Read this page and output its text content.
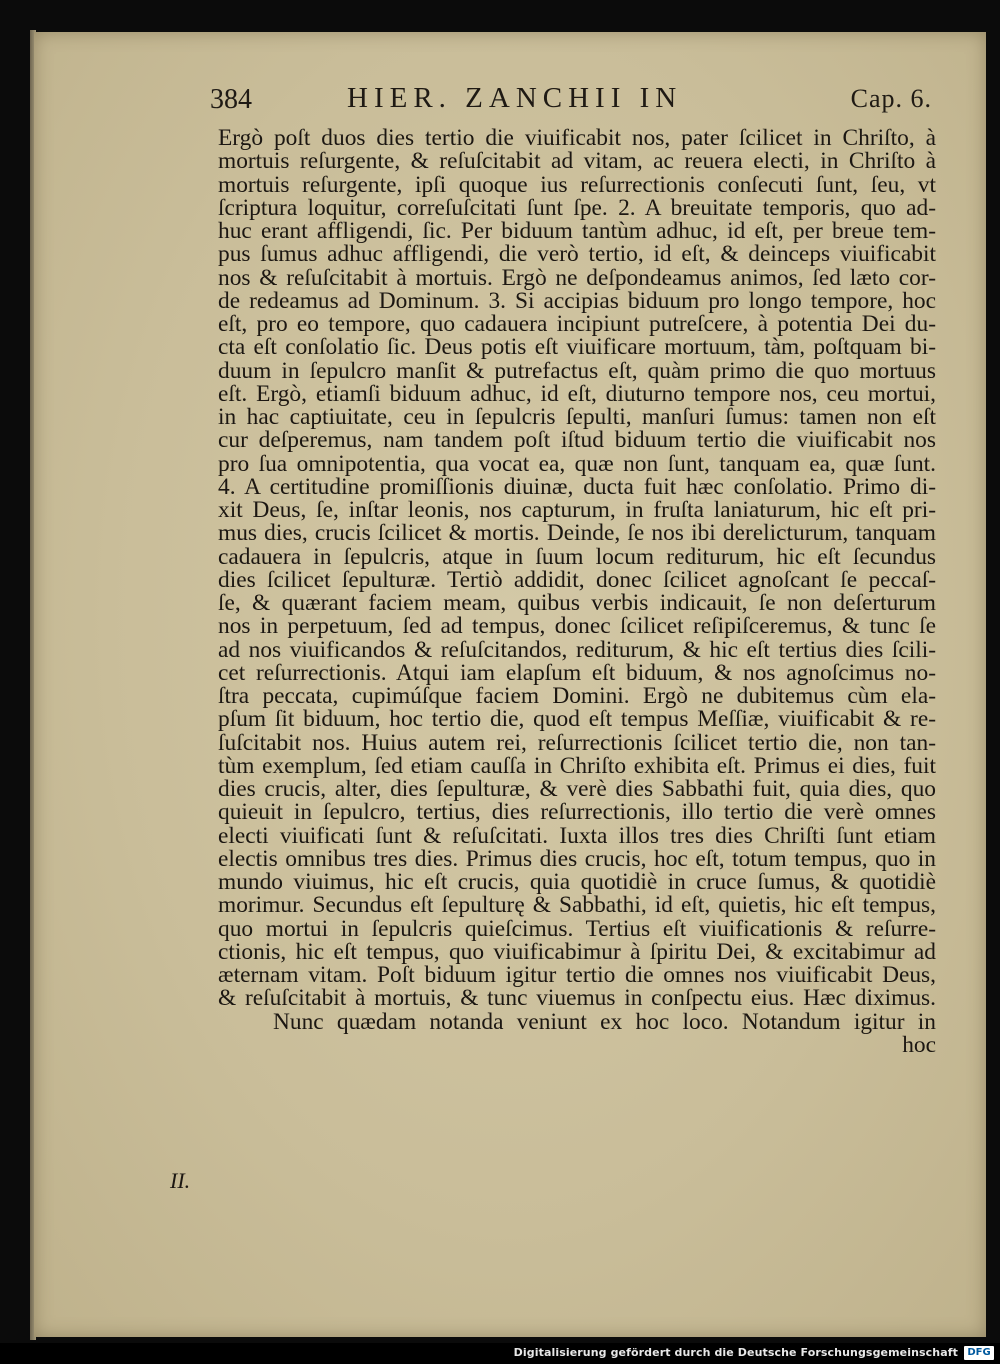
384	HIER. ZANCHII IN	Cap. 6.
Ergò poſt duos dies tertio die viuificabit nos, pater ſcilicet in Chriſto, à
mortuis reſurgente, & reſuſcitabit ad vitam, ac reuera electi, in Chriſto à
mortuis reſurgente, ipſi quoque ius reſurrectionis conſecuti ſunt, ſeu, vt
ſcriptura loquitur, correſuſcitati ſunt ſpe. 2. A breuitate temporis, quo ad-
huc erant affligendi, ſic. Per biduum tantùm adhuc, id eſt, per breue tem-
pus ſumus adhuc affligendi, die verò tertio, id eſt, & deinceps viuificabit
nos & reſuſcitabit à mortuis. Ergò ne deſpondeamus animos, ſed læto cor-
de redeamus ad Dominum. 3. Si accipias biduum pro longo tempore, hoc
eſt, pro eo tempore, quo cadauera incipiunt putreſcere, à potentia Dei du-
cta eſt conſolatio ſic. Deus potis eſt viuificare mortuum, tàm, poſtquam bi-
duum in ſepulcro manſit & putrefactus eſt, quàm primo die quo mortuus
eſt. Ergò, etiamſi biduum adhuc, id eſt, diuturno tempore nos, ceu mortui,
in hac captiuitate, ceu in ſepulcris ſepulti, manſuri ſumus: tamen non eſt
cur deſperemus, nam tandem poſt iſtud biduum tertio die viuificabit nos
pro ſua omnipotentia, qua vocat ea, quæ non ſunt, tanquam ea, quæ ſunt.
4. A certitudine promiſſionis diuinæ, ducta fuit hæc conſolatio. Primo di-
xit Deus, ſe, inſtar leonis, nos capturum, in fruſta laniaturum, hic eſt pri-
mus dies, crucis ſcilicet & mortis. Deinde, ſe nos ibi derelicturum, tanquam
cadauera in ſepulcris, atque in ſuum locum rediturum, hic eſt ſecundus
dies ſcilicet ſepulturæ. Tertiò addidit, donec ſcilicet agnoſcant ſe peccaſ-
ſe, & quærant faciem meam, quibus verbis indicauit, ſe non deſerturum
nos in perpetuum, ſed ad tempus, donec ſcilicet reſipiſceremus, & tunc ſe
ad nos viuificandos & reſuſcitandos, rediturum, & hic eſt tertius dies ſcili-
cet reſurrectionis. Atqui iam elapſum eſt biduum, & nos agnoſcimus no-
ſtra peccata, cupimúſque faciem Domini. Ergò ne dubitemus cùm ela-
pſum ſit biduum, hoc tertio die, quod eſt tempus Meſſiæ, viuificabit & re-
ſuſcitabit nos. Huius autem rei, reſurrectionis ſcilicet tertio die, non tan-
tùm exemplum, ſed etiam cauſſa in Chriſto exhibita eſt. Primus ei dies, fuit
dies crucis, alter, dies ſepulturæ, & verè dies Sabbathi fuit, quia dies, quo
quieuit in ſepulcro, tertius, dies reſurrectionis, illo tertio die verè omnes
electi viuificati ſunt & reſuſcitati. Iuxta illos tres dies Chriſti ſunt etiam
electis omnibus tres dies. Primus dies crucis, hoc eſt, totum tempus, quo in
mundo viuimus, hic eſt crucis, quia quotidiè in cruce ſumus, & quotidiè
morimur. Secundus eſt ſepulturę & Sabbathi, id eſt, quietis, hic eſt tempus,
quo mortui in ſepulcris quieſcimus. Tertius eſt viuificationis & reſurre-
ctionis, hic eſt tempus, quo viuificabimur à ſpiritu Dei, & excitabimur ad
æternam vitam. Poſt biduum igitur tertio die omnes nos viuificabit Deus,
& reſuſcitabit à mortuis, & tunc viuemus in conſpectu eius. Hæc diximus.
Nunc quædam notanda veniunt ex hoc loco. Notandum igitur in
hoc
II.
Digitalisierung gefördert durch die Deutsche Forschungsgemeinschaft DFG
